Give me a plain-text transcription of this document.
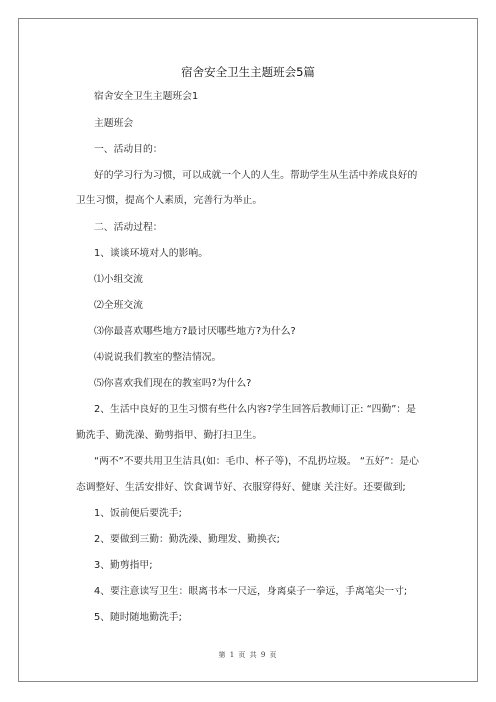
宿舍安全卫生主题班会5篇
宿舍安全卫生主题班会1
主题班会
一、活动目的：
好的学习行为习惯，可以成就一个人的人生。帮助学生从生活中养成良好的
卫生习惯，提高个人素质，完善行为举止。
二、活动过程：
1、谈谈环境对人的影响。
⑴小组交流
⑵全班交流
⑶你最喜欢哪些地方?最讨厌哪些地方?为什么?
⑷说说我们教室的整洁情况。
⑸你喜欢我们现在的教室吗?为什么?
2、生活中良好的卫生习惯有些什么内容?学生回答后教师订正: “四勤”：是
勤洗手、勤洗澡、勤剪指甲、勤打扫卫生。
“两不”不要共用卫生洁具(如：毛巾、杯子等)，不乱扔垃圾。 “五好”：是心
态调整好、生活安排好、饮食调节好、衣服穿得好、健康 关注好。还要做到;
1、饭前便后要洗手;
2、要做到三勤：勤洗澡、勤理发、勤换衣;
3、勤剪指甲;
4、要注意读写卫生：眼离书本一尺远，身离桌子一拳远，手离笔尖一寸;
5、随时随地勤洗手;
第 1 页 共 9 页
